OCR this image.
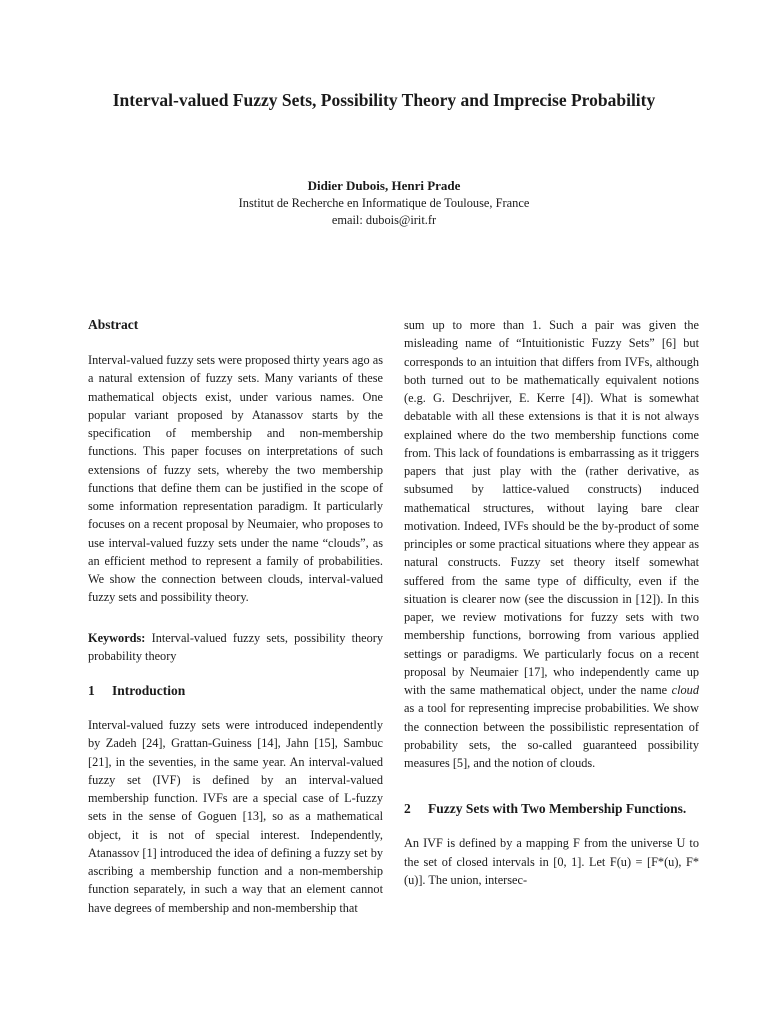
Interval-valued Fuzzy Sets, Possibility Theory and Imprecise Probability
Didier Dubois, Henri Prade
Institut de Recherche en Informatique de Toulouse, France
email: dubois@irit.fr
Abstract

Interval-valued fuzzy sets were proposed thirty years ago as a natural extension of fuzzy sets. Many variants of these mathematical objects exist, under various names. One popular variant proposed by Atanassov starts by the specification of membership and non-membership functions. This paper focuses on interpretations of such extensions of fuzzy sets, whereby the two membership functions that define them can be justified in the scope of some information representation paradigm. It particularly focuses on a recent proposal by Neumaier, who proposes to use interval-valued fuzzy sets under the name “clouds”, as an efficient method to represent a family of probabilities. We show the connection between clouds, interval-valued fuzzy sets and possibility theory.

Keywords: Interval-valued fuzzy sets, possibility theory probability theory

1	Introduction

Interval-valued fuzzy sets were introduced independently by Zadeh [24], Grattan-Guiness [14], Jahn [15], Sambuc [21], in the seventies, in the same year. An interval-valued fuzzy set (IVF) is defined by an interval-valued membership function. IVFs are a special case of L-fuzzy sets in the sense of Goguen [13], so as a mathematical object, it is not of special interest. Independently, Atanassov [1] introduced the idea of defining a fuzzy set by ascribing a membership function and a non-membership function separately, in such a way that an element cannot have degrees of membership and non-membership that

sum up to more than 1. Such a pair was given the misleading name of “Intuitionistic Fuzzy Sets” [6] but corresponds to an intuition that differs from IVFs, although both turned out to be mathematically equivalent notions (e.g. G. Deschrijver, E. Kerre [4]). What is somewhat debatable with all these extensions is that it is not always explained where do the two membership functions come from. This lack of foundations is embarrassing as it triggers papers that just play with the (rather derivative, as subsumed by lattice-valued constructs) induced mathematical structures, without laying bare clear motivation. Indeed, IVFs should be the by-product of some principles or some practical situations where they appear as natural constructs. Fuzzy set theory itself somewhat suffered from the same type of difficulty, even if the situation is clearer now (see the discussion in [12]). In this paper, we review motivations for fuzzy sets with two membership functions, borrowing from various applied settings or paradigms. We particularly focus on a recent proposal by Neumaier [17], who independently came up with the same mathematical object, under the name cloud as a tool for representing imprecise probabilities. We show the connection between the possibilistic representation of probability sets, the so-called guaranteed possibility measures [5], and the notion of clouds.

2	Fuzzy Sets with Two Membership Functions.

An IVF is defined by a mapping F from the universe U to the set of closed intervals in [0, 1]. Let F(u) = [F*(u), F*(u)]. The union, intersec-
